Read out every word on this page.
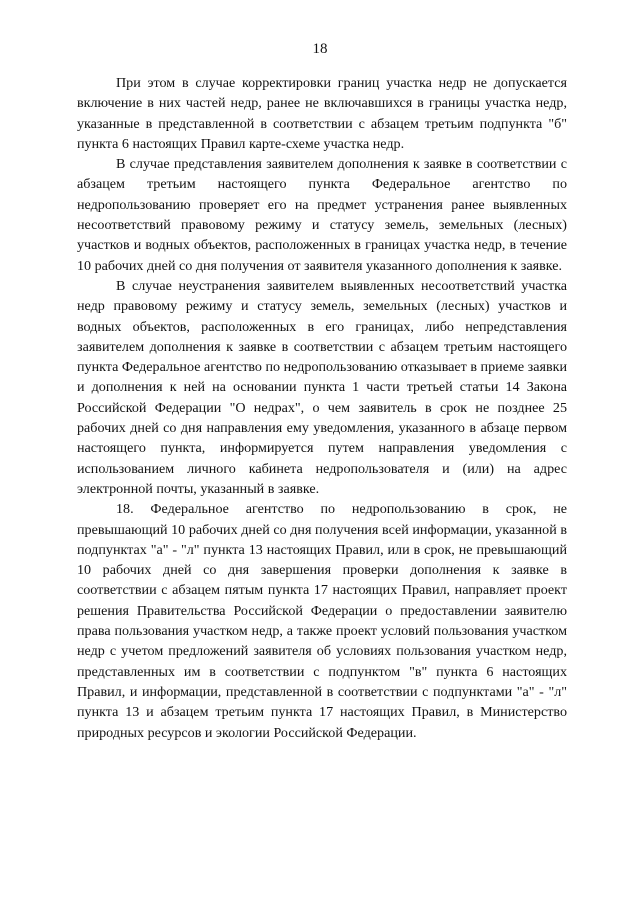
18

При этом в случае корректировки границ участка недр не допускается включение в них частей недр, ранее не включавшихся в границы участка недр, указанные в представленной в соответствии с абзацем третьим подпункта "б" пункта 6 настоящих Правил карте-схеме участка недр.

В случае представления заявителем дополнения к заявке в соответствии с абзацем третьим настоящего пункта Федеральное агентство по недропользованию проверяет его на предмет устранения ранее выявленных несоответствий правовому режиму и статусу земель, земельных (лесных) участков и водных объектов, расположенных в границах участка недр, в течение 10 рабочих дней со дня получения от заявителя указанного дополнения к заявке.

В случае неустранения заявителем выявленных несоответствий участка недр правовому режиму и статусу земель, земельных (лесных) участков и водных объектов, расположенных в его границах, либо непредставления заявителем дополнения к заявке в соответствии с абзацем третьим настоящего пункта Федеральное агентство по недропользованию отказывает в приеме заявки и дополнения к ней на основании пункта 1 части третьей статьи 14 Закона Российской Федерации "О недрах", о чем заявитель в срок не позднее 25 рабочих дней со дня направления ему уведомления, указанного в абзаце первом настоящего пункта, информируется путем направления уведомления с использованием личного кабинета недропользователя и (или) на адрес электронной почты, указанный в заявке.

18. Федеральное агентство по недропользованию в срок, не превышающий 10 рабочих дней со дня получения всей информации, указанной в подпунктах "а" - "л" пункта 13 настоящих Правил, или в срок, не превышающий 10 рабочих дней со дня завершения проверки дополнения к заявке в соответствии с абзацем пятым пункта 17 настоящих Правил, направляет проект решения Правительства Российской Федерации о предоставлении заявителю права пользования участком недр, а также проект условий пользования участком недр с учетом предложений заявителя об условиях пользования участком недр, представленных им в соответствии с подпунктом "в" пункта 6 настоящих Правил, и информации, представленной в соответствии с подпунктами "а" - "л" пункта 13 и абзацем третьим пункта 17 настоящих Правил, в Министерство природных ресурсов и экологии Российской Федерации.
